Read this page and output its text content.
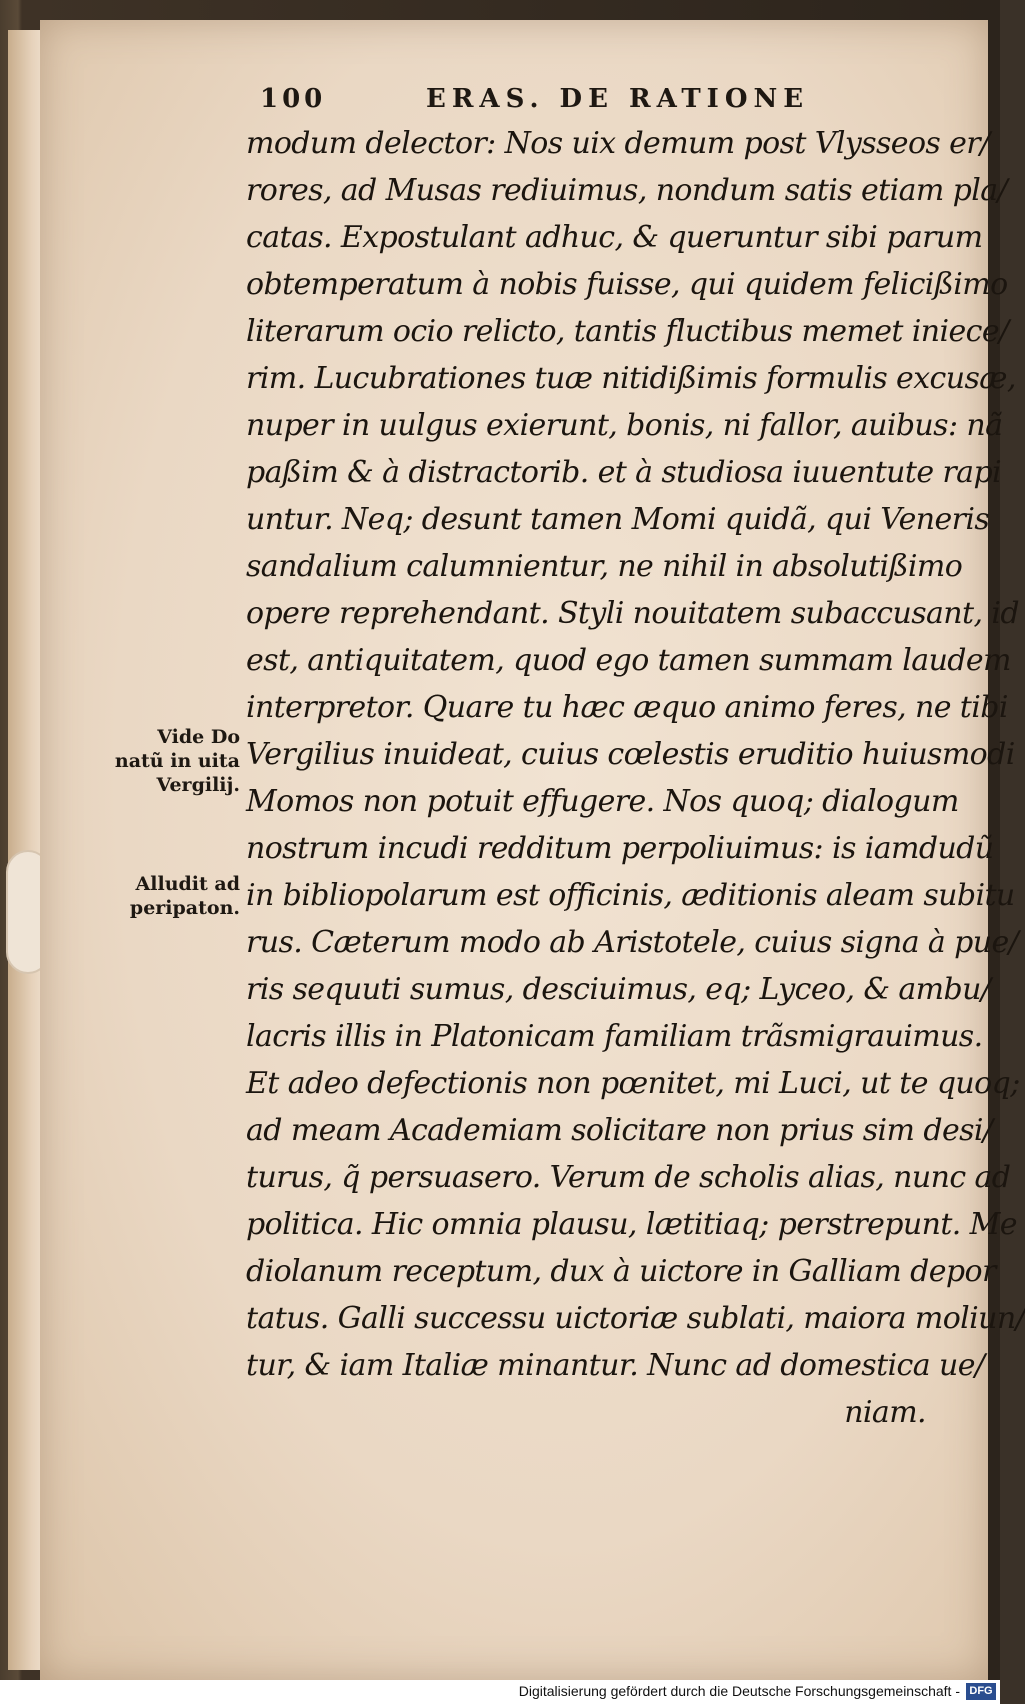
100	ERAS. DE RATIONE
modum delector: Nos uix demum post Vlysseos er/
rores, ad Musas rediuimus, nondum satis etiam pla/
catas. Expostulant adhuc, & queruntur sibi parum
obtemperatum à nobis fuisse, qui quidem felicißimo
literarum ocio relicto, tantis fluctibus memet iniece/
rim. Lucubrationes tuæ nitidißimis formulis excusæ,
nuper in uulgus exierunt, bonis, ni fallor, auibus: nã
paßim & à distractorib. et à studiosa iuuentute rapi
untur. Neq; desunt tamen Momi quidã, qui Veneris
sandalium calumnientur, ne nihil in absolutißimo
opere reprehendant. Styli nouitatem subaccusant, id
est, antiquitatem, quod ego tamen summam laudem
interpretor. Quare tu hæc æquo animo feres, ne tibi
Vergilius inuideat, cuius cœlestis eruditio huiusmodi
Momos non potuit effugere. Nos quoq; dialogum
nostrum incudi redditum perpoliuimus: is iamdudũ
in bibliopolarum est officinis, æditionis aleam subitu
rus. Cæterum modo ab Aristotele, cuius signa à pue/
ris sequuti sumus, desciuimus, eq; Lyceo, & ambu/
lacris illis in Platonicam familiam trãsmigrauimus.
Et adeo defectionis non pœnitet, mi Luci, ut te quoq;
ad meam Academiam solicitare non prius sim desi/
turus, q̃ persuasero. Verum de scholis alias, nunc ad
politica. Hic omnia plausu, lætitiaq; perstrepunt. Me
diolanum receptum, dux à uictore in Galliam depor
tatus. Galli successu uictoriæ sublati, maiora moliun/
tur, & iam Italiæ minantur. Nunc ad domestica ue/
niam.
Vide Do
natũ in uita
Vergilij.
Alludit ad
peripaton.
Digitalisierung gefördert durch die Deutsche Forschungsgemeinschaft - DFG
